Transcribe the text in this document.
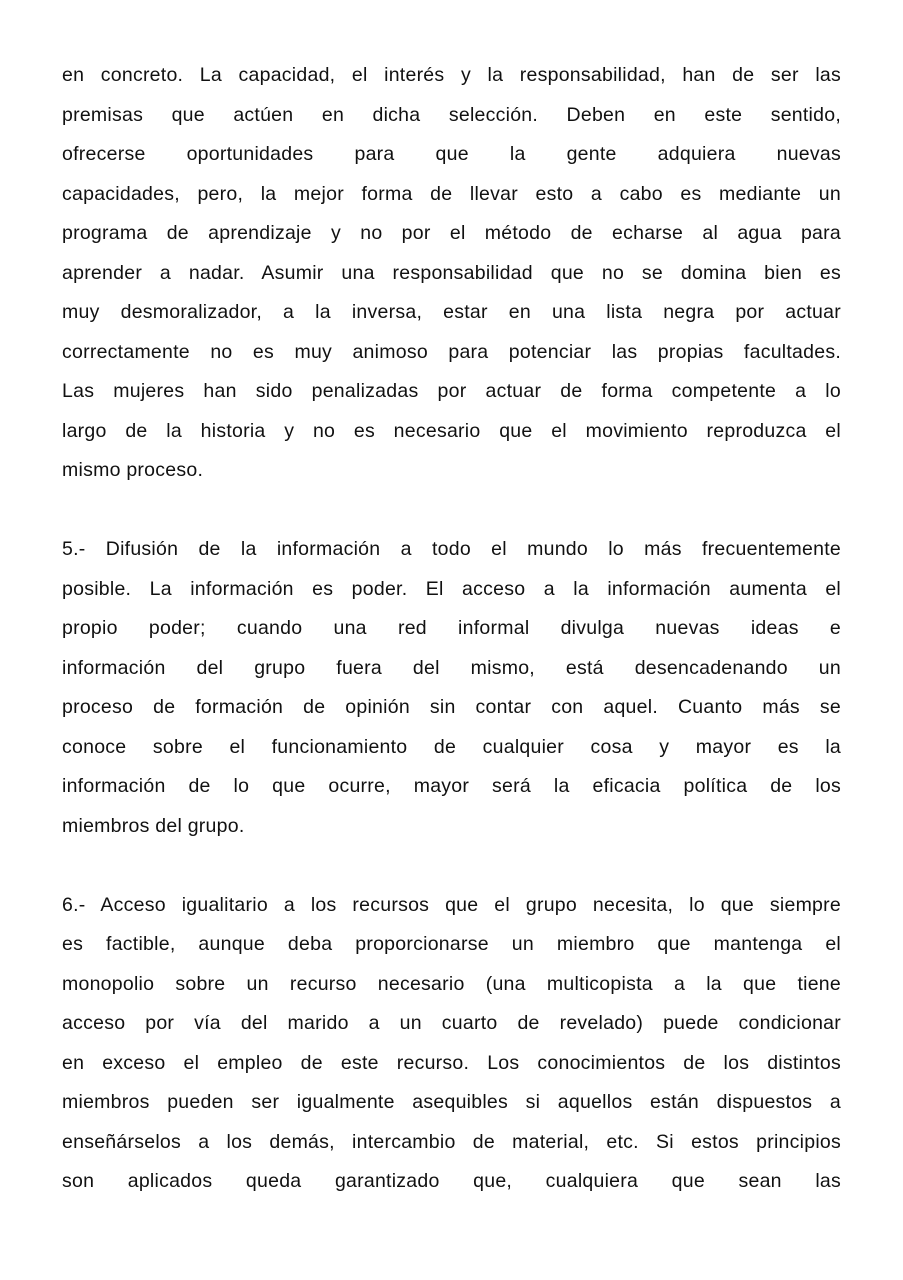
en concreto. La capacidad, el interés y la responsabilidad, han de ser las
premisas que actúen en dicha selección. Deben en este sentido,
ofrecerse oportunidades para que la gente adquiera nuevas
capacidades, pero, la mejor forma de llevar esto a cabo es mediante un
programa de aprendizaje y no por el método de echarse al agua para
aprender a nadar. Asumir una responsabilidad que no se domina bien es
muy desmoralizador, a la inversa, estar en una lista negra por actuar
correctamente no es muy animoso para potenciar las propias facultades.
Las mujeres han sido penalizadas por actuar de forma competente a lo
largo de la historia y no es necesario que el movimiento reproduzca el
mismo proceso.
5.- Difusión de la información a todo el mundo lo más frecuentemente
posible. La información es poder. El acceso a la información aumenta el
propio poder; cuando una red informal divulga nuevas ideas e
información del grupo fuera del mismo, está desencadenando un
proceso de formación de opinión sin contar con aquel. Cuanto más se
conoce sobre el funcionamiento de cualquier cosa y mayor es la
información de lo que ocurre, mayor será la eficacia política de los
miembros del grupo.
6.- Acceso igualitario a los recursos que el grupo necesita, lo que siempre
es factible, aunque deba proporcionarse un miembro que mantenga el
monopolio sobre un recurso necesario (una multicopista a la que tiene
acceso por vía del marido a un cuarto de revelado) puede condicionar
en exceso el empleo de este recurso. Los conocimientos de los distintos
miembros pueden ser igualmente asequibles si aquellos están dispuestos a
enseñárselos a los demás, intercambio de material, etc. Si estos principios
son aplicados queda garantizado que, cualquiera que sean las
